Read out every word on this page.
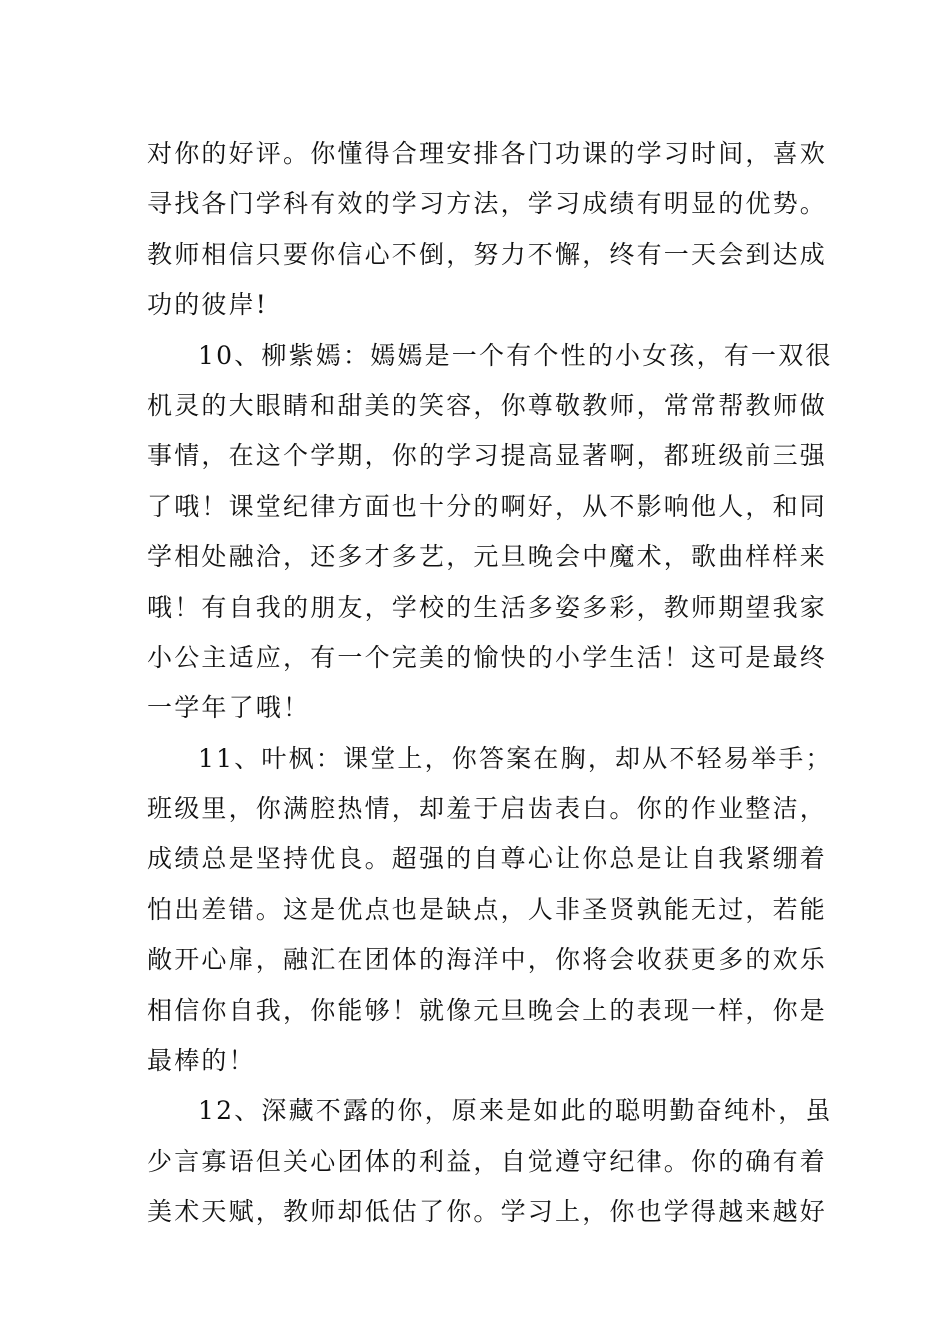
对你的好评。你懂得合理安排各门功课的学习时间，喜欢
寻找各门学科有效的学习方法，学习成绩有明显的优势。
教师相信只要你信心不倒，努力不懈，终有一天会到达成
功的彼岸!
10、柳紫嫣：嫣嫣是一个有个性的小女孩，有一双很
机灵的大眼睛和甜美的笑容，你尊敬教师，常常帮教师做
事情，在这个学期，你的学习提高显著啊，都班级前三强
了哦！课堂纪律方面也十分的啊好，从不影响他人，和同
学相处融洽，还多才多艺，元旦晚会中魔术，歌曲样样来
哦！有自我的朋友，学校的生活多姿多彩，教师期望我家
小公主适应，有一个完美的愉快的小学生活！这可是最终
一学年了哦！
11、叶枫：课堂上，你答案在胸，却从不轻易举手；
班级里，你满腔热情，却羞于启齿表白。你的作业整洁，
成绩总是坚持优良。超强的自尊心让你总是让自我紧绷着
怕出差错。这是优点也是缺点，人非圣贤孰能无过，若能
敞开心扉，融汇在团体的海洋中，你将会收获更多的欢乐
相信你自我，你能够！就像元旦晚会上的表现一样，你是
最棒的！
12、深藏不露的你，原来是如此的聪明勤奋纯朴，虽
少言寡语但关心团体的利益，自觉遵守纪律。你的确有着
美术天赋，教师却低估了你。学习上，你也学得越来越好
